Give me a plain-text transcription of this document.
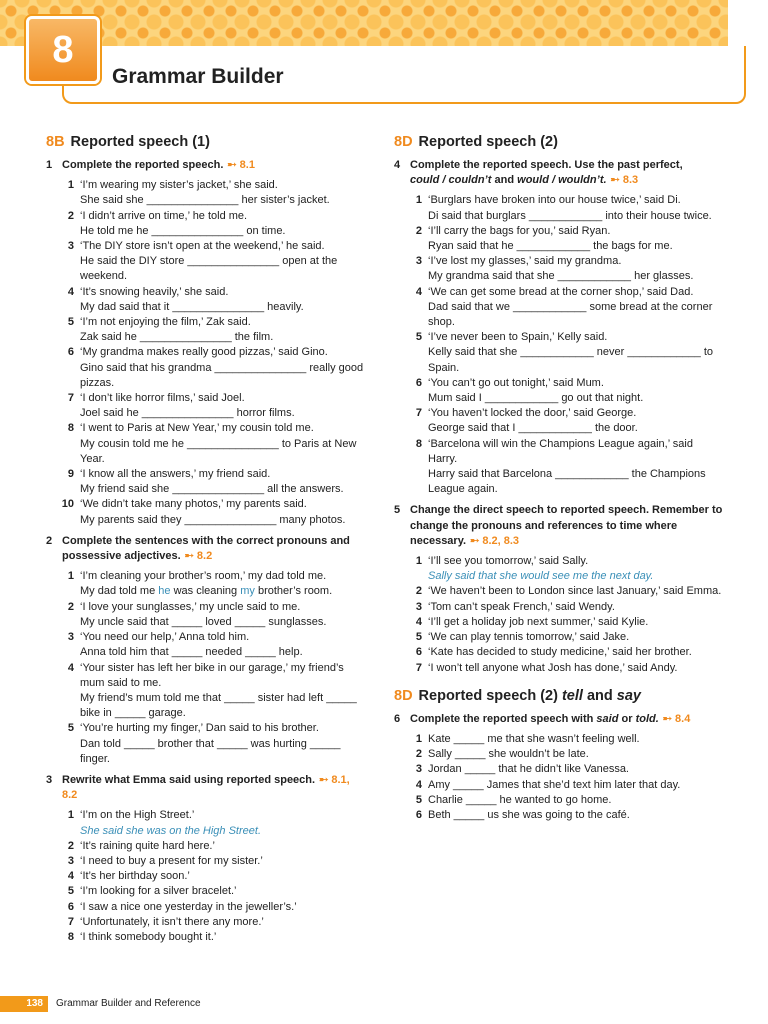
8
Grammar Builder
8B Reported speech (1)
1 Complete the reported speech. ➸ 8.1
1 ‘I’m wearing my sister’s jacket,’ she said.
She said she _______________ her sister’s jacket.
2 ‘I didn’t arrive on time,’ he told me.
He told me he _______________ on time.
3 ‘The DIY store isn’t open at the weekend,’ he said.
He said the DIY store _______________ open at the weekend.
4 ‘It’s snowing heavily,’ she said.
My dad said that it _______________ heavily.
5 ‘I’m not enjoying the film,’ Zak said.
Zak said he _______________ the film.
6 ‘My grandma makes really good pizzas,’ said Gino.
Gino said that his grandma _______________ really good pizzas.
7 ‘I don’t like horror films,’ said Joel.
Joel said he _______________ horror films.
8 ‘I went to Paris at New Year,’ my cousin told me.
My cousin told me he _______________ to Paris at New Year.
9 ‘I know all the answers,’ my friend said.
My friend said she _______________ all the answers.
10 ‘We didn’t take many photos,’ my parents said.
My parents said they _______________ many photos.
2 Complete the sentences with the correct pronouns and possessive adjectives. ➸ 8.2
1 ‘I’m cleaning your brother’s room,’ my dad told me.
My dad told me he was cleaning my brother’s room.
2 ‘I love your sunglasses,’ my uncle said to me.
My uncle said that _____ loved _____ sunglasses.
3 ‘You need our help,’ Anna told him.
Anna told him that _____ needed _____ help.
4 ‘Your sister has left her bike in our garage,’ my friend’s mum said to me.
My friend’s mum told me that _____ sister had left _____ bike in _____ garage.
5 ‘You’re hurting my finger,’ Dan said to his brother.
Dan told _____ brother that _____ was hurting _____ finger.
3 Rewrite what Emma said using reported speech. ➸ 8.1, 8.2
1 ‘I’m on the High Street.’
She said she was on the High Street.
2 ‘It’s raining quite hard here.’
3 ‘I need to buy a present for my sister.’
4 ‘It’s her birthday soon.’
5 ‘I’m looking for a silver bracelet.’
6 ‘I saw a nice one yesterday in the jeweller’s.’
7 ‘Unfortunately, it isn’t there any more.’
8 ‘I think somebody bought it.’
8D Reported speech (2)
4 Complete the reported speech. Use the past perfect,
could / couldn’t and would / wouldn’t. ➸ 8.3
1 ‘Burglars have broken into our house twice,’ said Di.
Di said that burglars ____________ into their house twice.
2 ‘I’ll carry the bags for you,’ said Ryan.
Ryan said that he ____________ the bags for me.
3 ‘I’ve lost my glasses,’ said my grandma.
My grandma said that she ____________ her glasses.
4 ‘We can get some bread at the corner shop,’ said Dad.
Dad said that we ____________ some bread at the corner shop.
5 ‘I’ve never been to Spain,’ Kelly said.
Kelly said that she ____________ never ____________ to Spain.
6 ‘You can’t go out tonight,’ said Mum.
Mum said I ____________ go out that night.
7 ‘You haven’t locked the door,’ said George.
George said that I ____________ the door.
8 ‘Barcelona will win the Champions League again,’ said Harry.
Harry said that Barcelona ____________ the Champions League again.
5 Change the direct speech to reported speech. Remember to change the pronouns and references to time where necessary. ➸ 8.2, 8.3
1 ‘I’ll see you tomorrow,’ said Sally.
Sally said that she would see me the next day.
2 ‘We haven’t been to London since last January,’ said Emma.
3 ‘Tom can’t speak French,’ said Wendy.
4 ‘I’ll get a holiday job next summer,’ said Kylie.
5 ‘We can play tennis tomorrow,’ said Jake.
6 ‘Kate has decided to study medicine,’ said her brother.
7 ‘I won’t tell anyone what Josh has done,’ said Andy.
8D Reported speech (2) tell and say
6 Complete the reported speech with said or told. ➸ 8.4
1 Kate _____ me that she wasn’t feeling well.
2 Sally _____ she wouldn’t be late.
3 Jordan _____ that he didn’t like Vanessa.
4 Amy _____ James that she’d text him later that day.
5 Charlie _____ he wanted to go home.
6 Beth _____ us she was going to the café.
138	Grammar Builder and Reference
